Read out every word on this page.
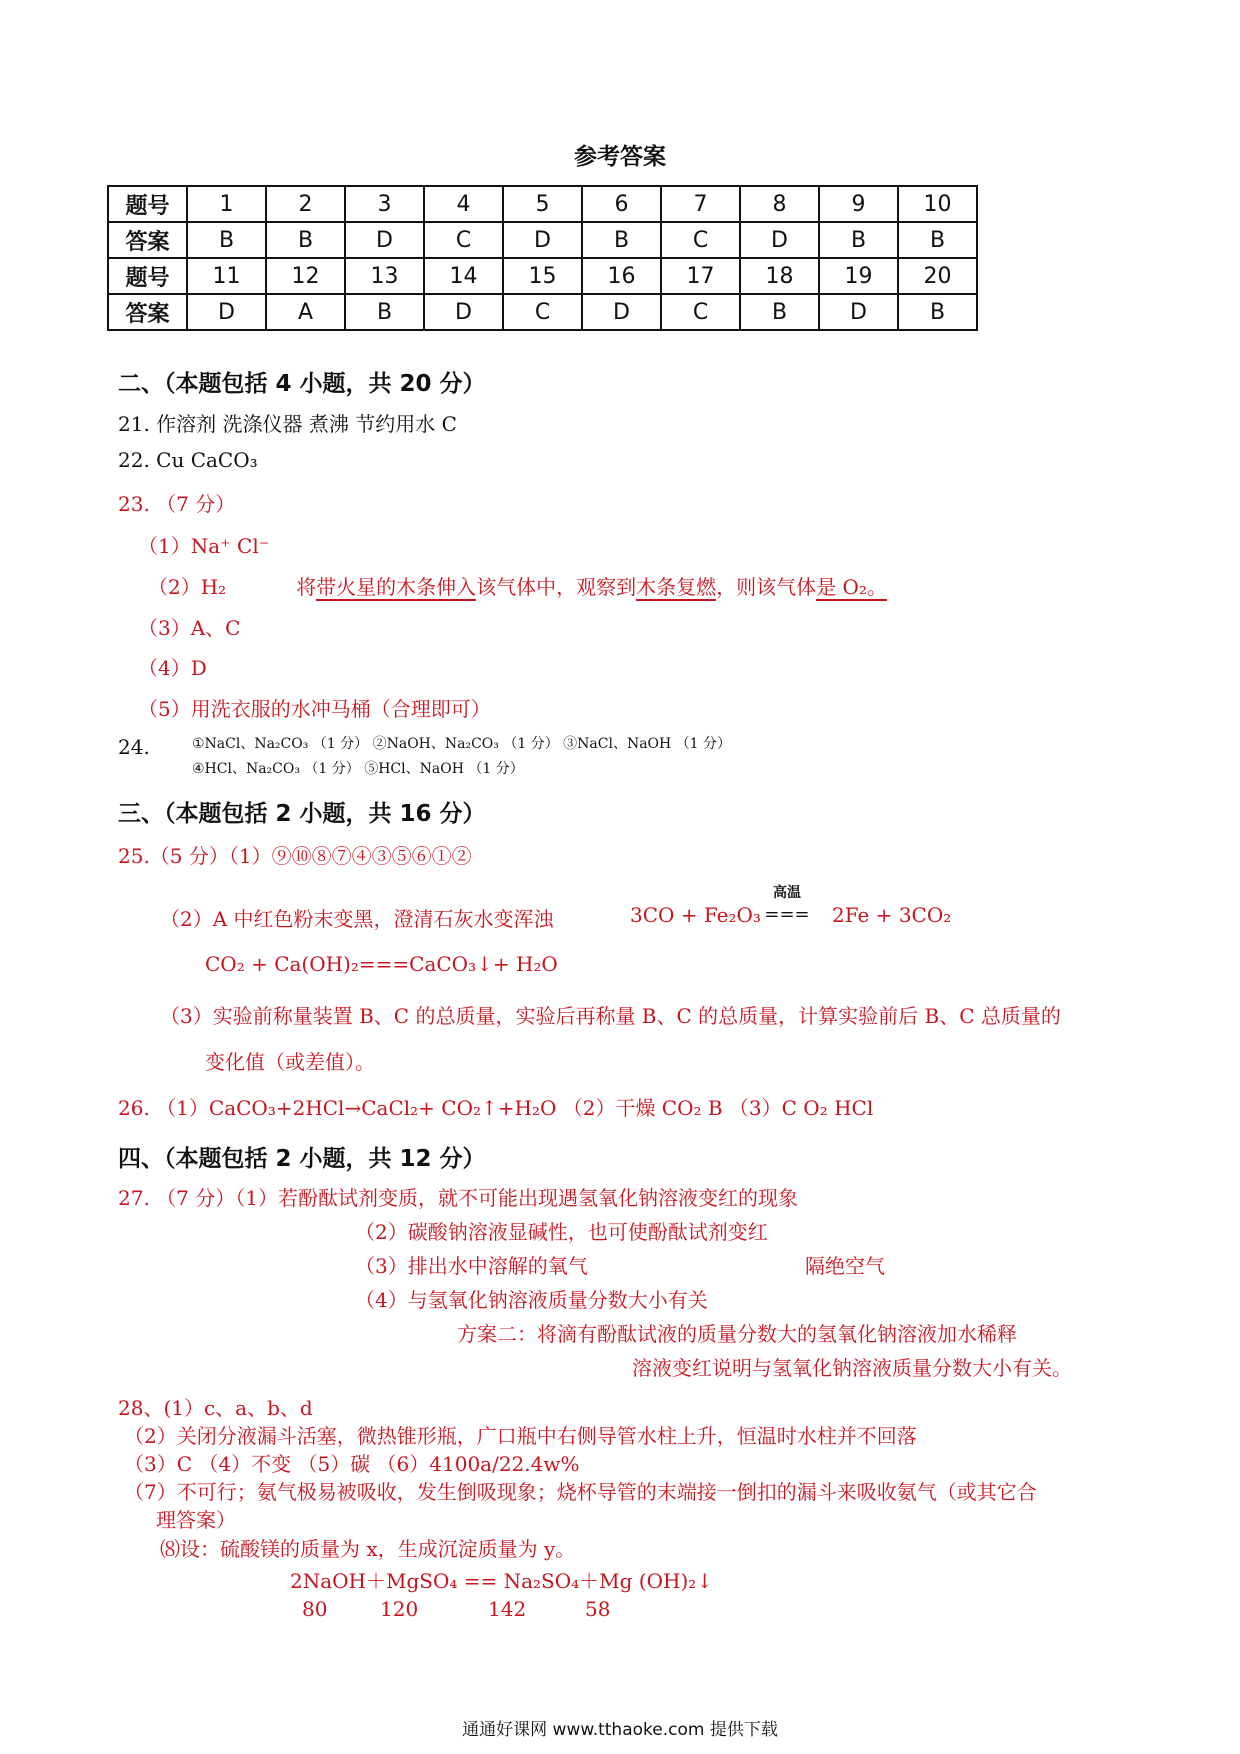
参考答案
题号	1	2	3	4	5	6	7	8	9	10
答案	B	B	D	C	D	B	C	D	B	B
题号	11	12	13	14	15	16	17	18	19	20
答案	D	A	B	D	C	D	C	B	D	B
二、（本题包括 4 小题，共 20 分）
21. 作溶剂 洗涤仪器 煮沸 节约用水 C
22. Cu CaCO₃
23. （7 分）
（1）Na⁺ Cl⁻
（2）H₂	将带火星的木条伸入该气体中，观察到木条复燃，则该气体是 O₂。
（3）A、C
（4）D
（5）用洗衣服的水冲马桶（合理即可）
24.	①NaCl、Na₂CO₃ （1 分） ②NaOH、Na₂CO₃ （1 分） ③NaCl、NaOH （1 分）
④HCl、Na₂CO₃ （1 分） ⑤HCl、NaOH （1 分）
三、（本题包括 2 小题，共 16 分）
25.（5 分）（1）⑨⑩⑧⑦④③⑤⑥①②
（2）A 中红色粉末变黑，澄清石灰水变浑浊	3CO + Fe₂O₃
高温
=== 2Fe + 3CO₂
CO₂ + Ca(OH)₂===CaCO₃↓+ H₂O
（3）实验前称量装置 B、C 的总质量，实验后再称量 B、C 的总质量，计算实验前后 B、C 总质量的
变化值（或差值）。
26. （1）CaCO₃+2HCl→CaCl₂+ CO₂↑+H₂O （2）干燥 CO₂ B （3）C O₂ HCl
四、（本题包括 2 小题，共 12 分）
27. （7 分）（1）若酚酞试剂变质，就不可能出现遇氢氧化钠溶液变红的现象
（2）碳酸钠溶液显碱性，也可使酚酞试剂变红
（3）排出水中溶解的氧气	隔绝空气
（4）与氢氧化钠溶液质量分数大小有关
方案二：将滴有酚酞试液的质量分数大的氢氧化钠溶液加水稀释
溶液变红说明与氢氧化钠溶液质量分数大小有关。
28、(1）c、a、b、d
（2）关闭分液漏斗活塞，微热锥形瓶，广口瓶中右侧导管水柱上升，恒温时水柱并不回落
（3）C （4）不变 （5）碳 （6）4100a/22.4w%
（7）不可行；氨气极易被吸收，发生倒吸现象；烧杯导管的末端接一倒扣的漏斗来吸收氨气（或其它合
理答案）
⑻设：硫酸镁的质量为 x，生成沉淀质量为 y。
2NaOH＋MgSO₄ == Na₂SO₄＋Mg (OH)₂↓
80	120	142	58
通通好课网 www.tthaoke.com 提供下载
